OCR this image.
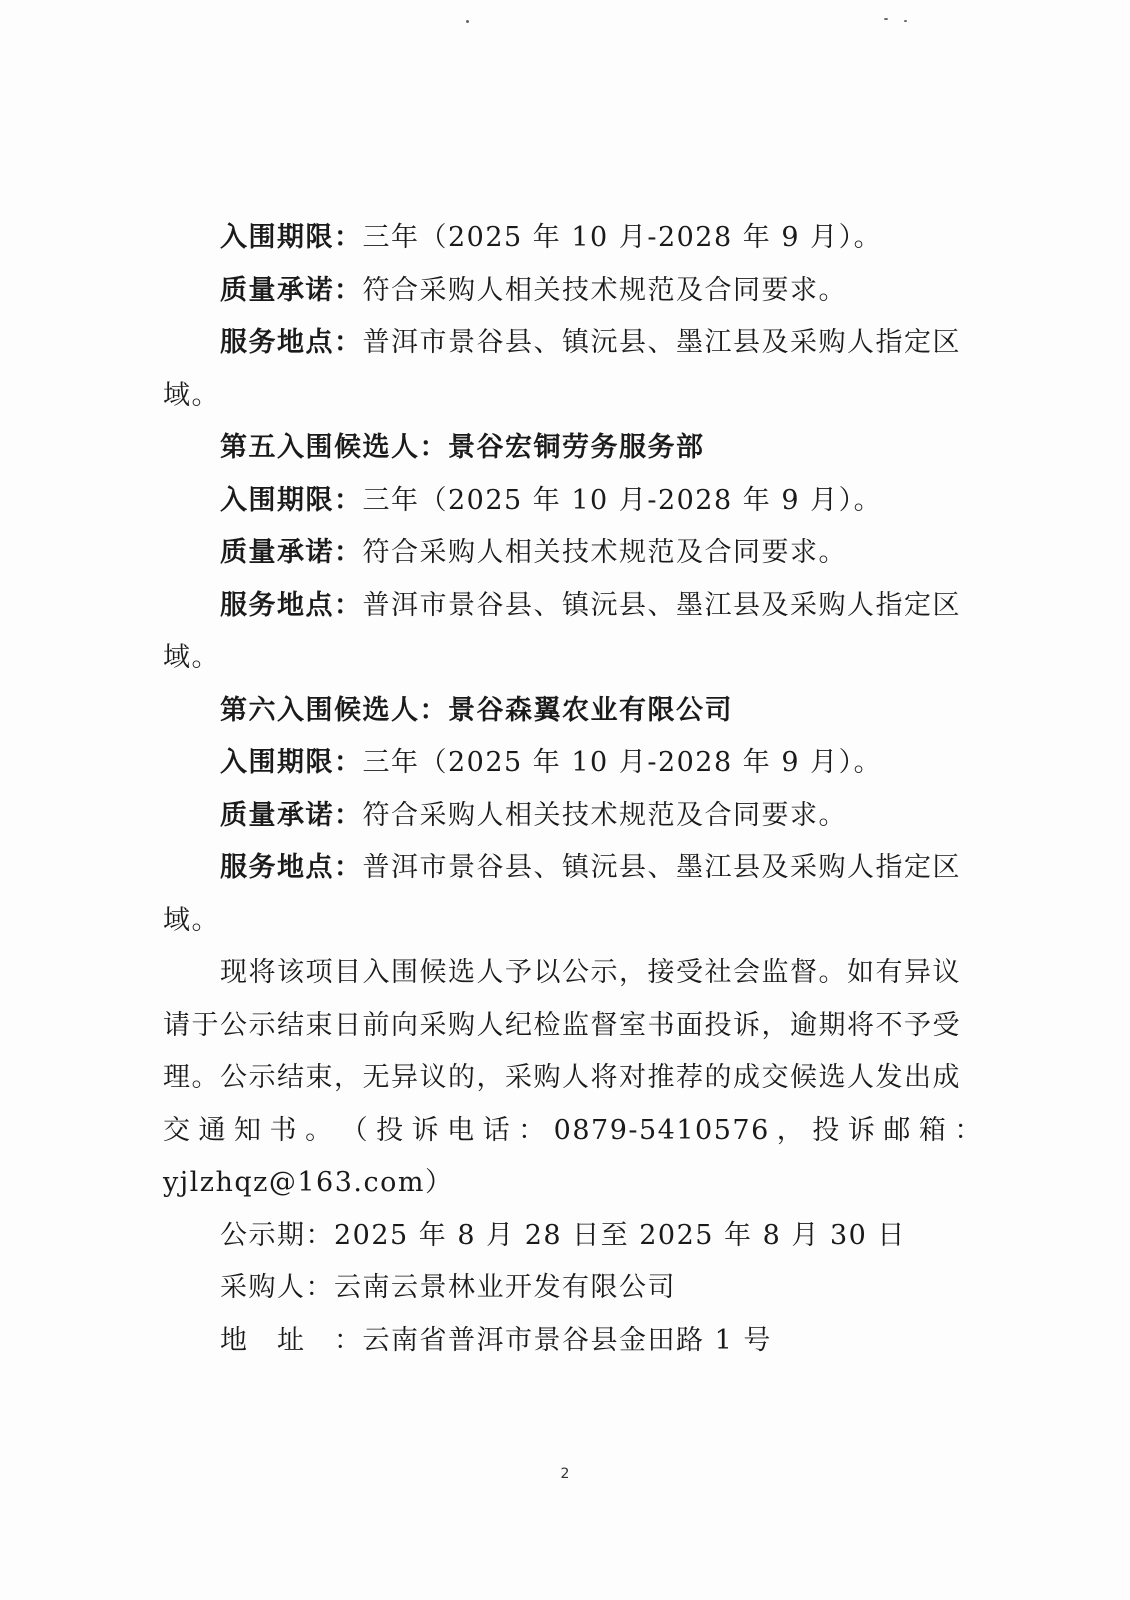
入围期限：三年（2025 年 10 月-2028 年 9 月）。
质量承诺：符合采购人相关技术规范及合同要求。
服务地点：普洱市景谷县、镇沅县、墨江县及采购人指定区
域。
第五入围候选人：景谷宏铜劳务服务部
入围期限：三年（2025 年 10 月-2028 年 9 月）。
质量承诺：符合采购人相关技术规范及合同要求。
服务地点：普洱市景谷县、镇沅县、墨江县及采购人指定区
域。
第六入围候选人：景谷森翼农业有限公司
入围期限：三年（2025 年 10 月-2028 年 9 月）。
质量承诺：符合采购人相关技术规范及合同要求。
服务地点：普洱市景谷县、镇沅县、墨江县及采购人指定区
域。
现将该项目入围候选人予以公示，接受社会监督。如有异议
请于公示结束日前向采购人纪检监督室书面投诉，逾期将不予受
理。公示结束，无异议的，采购人将对推荐的成交候选人发出成
交 通 知 书 。 （ 投 诉 电 话 ： 0879-5410576 ， 投 诉 邮 箱 ：
yjlzhqz@163.com）
公示期：2025 年 8 月 28 日至 2025 年 8 月 30 日
采购人：云南云景林业开发有限公司
地址：云南省普洱市景谷县金田路 1 号
2
